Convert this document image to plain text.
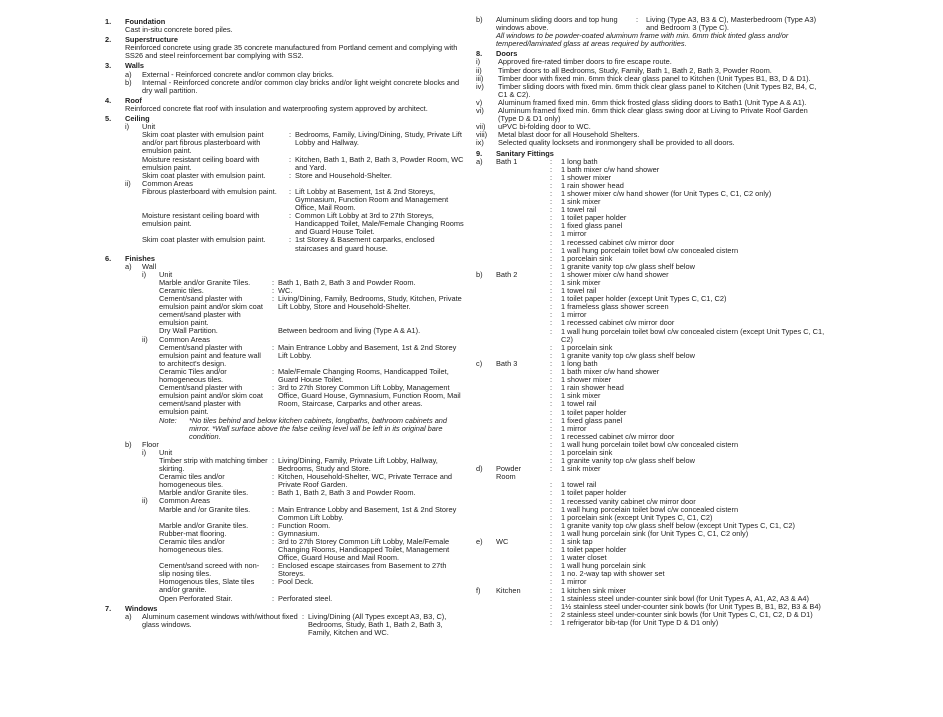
1. Foundation
Cast in-situ concrete bored piles.
2. Superstructure
Reinforced concrete using grade 35 concrete manufactured from Portland cement and complying with SS26 and steel reinforcement bar complying with SS2.
3. Walls
a) External - Reinforced concrete and/or common clay bricks.
b) Internal - Reinforced concrete and/or common clay bricks and/or light weight concrete blocks and dry wall partition.
4. Roof
Reinforced concrete flat roof with insulation and waterproofing system approved by architect.
5. Ceiling
i) Unit
Skim coat plaster with emulsion paint and/or part fibrous plasterboard with emulsion paint.
: Bedrooms, Family, Living/Dining, Study, Private Lift Lobby and Hallway.
Moisture resistant ceiling board with emulsion paint.
: Kitchen, Bath 1, Bath 2, Bath 3, Powder Room, WC and Yard.
Skim coat plaster with emulsion paint.	: Store and Household-Shelter.
ii) Common Areas
Fibrous plasterboard with emulsion paint.	: Lift Lobby at Basement, 1st & 2nd Storeys, Gymnasium, Function Room and Management Office, Mail Room.
Moisture resistant ceiling board with emulsion paint.
: Common Lift Lobby at 3rd to 27th Storeys, Handicapped Toilet, Male/Female Changing Rooms and Guard House Toilet.
Skim coat plaster with emulsion paint.	: 1st Storey & Basement carparks, enclosed staircases and guard house.
6. Finishes
a) Wall
i) Unit
Marble and/or Granite Tiles.	: Bath 1, Bath 2, Bath 3 and Powder Room.
Ceramic tiles.	: WC.
Cement/sand plaster with emulsion paint and/or skim coat cement/sand plaster with emulsion paint.
: Living/Dining, Family, Bedrooms, Study, Kitchen, Private Lift Lobby, Store and Household-Shelter.
Dry Wall Partition.	Between bedroom and living (Type A & A1).
ii) Common Areas
Cement/sand plaster with emulsion paint and feature wall to architect's design.
: Main Entrance Lobby and Basement, 1st & 2nd Storey Lift Lobby.
Ceramic Tiles and/or homogeneous tiles.
: Male/Female Changing Rooms, Handicapped Toilet, Guard House Toilet.
Cement/sand plaster with emulsion paint and/or skim coat cement/sand plaster with emulsion paint.
: 3rd to 27th Storey Common Lift Lobby, Management Office, Guard House, Gymnasium, Function Room, Mail Room, Staircase, Carparks and other areas.
Note:	*No tiles behind and below kitchen cabinets, longbaths, bathroom cabinets and mirror. *Wall surface above the false ceiling level will be left in its original bare condition.
b) Floor
i) Unit
Timber strip with matching timber skirting.
: Living/Dining, Family, Private Lift Lobby, Hallway, Bedrooms, Study and Store.
Ceramic tiles and/or homogeneous tiles.
: Kitchen, Household-Shelter, WC, Private Terrace and Private Roof Garden.
Marble and/or Granite tiles.	: Bath 1, Bath 2, Bath 3 and Powder Room.
ii) Common Areas
Marble and /or Granite tiles.	: Main Entrance Lobby and Basement, 1st & 2nd Storey Common Lift Lobby.
Marble and/or Granite tiles.	: Function Room.
Rubber-mat flooring.	: Gymnasium.
Ceramic tiles and/or homogeneous tiles.
: 3rd to 27th Storey Common Lift Lobby, Male/Female Changing Rooms, Handicapped Toilet, Management Office, Guard House and Mail Room.
Cement/sand screed with non-slip nosing tiles.
: Enclosed escape staircases from Basement to 27th Storeys.
Homogenous tiles, Slate tiles and/or granite.
: Pool Deck.
Open Perforated Stair.	: Perforated steel.
7. Windows
a)	Aluminum casement windows with/without fixed glass windows.
: Living/Dining (All Types except A3, B3, C), Bedrooms, Study, Bath 1, Bath 2, Bath 3, Family, Kitchen and WC.
b)	Aluminum sliding doors and top hung windows above.
:	Living (Type A3, B3 & C), Masterbedroom (Type A3) and Bedroom 3 (Type C).
All windows to be powder-coated aluminum frame with min. 6mm thick tinted glass and/or tempered/laminated glass at areas required by authorities.
8. Doors
i) Approved fire-rated timber doors to fire escape route.
ii) Timber doors to all Bedrooms, Study, Family, Bath 1, Bath 2, Bath 3, Powder Room.
iii) Timber door with fixed min. 6mm thick clear glass panel to Kitchen (Unit Types B1, B3, D & D1).
iv) Timber sliding doors with fixed min. 6mm thick clear glass panel to Kitchen (Unit Types B2, B4, C, C1 & C2).
v) Aluminum framed fixed min. 6mm thick frosted glass sliding doors to Bath1 (Unit Type A & A1).
vi) Aluminum framed fixed min. 6mm thick clear glass swing door at Living to Private Roof Garden (Type D & D1 only)
vii) uPVC bi-folding door to WC.
viii) Metal blast door for all Household Shelters.
ix) Selected quality locksets and ironmongery shall be provided to all doors.
9. Sanitary Fittings
a)	Bath 1	:	1 long bath
:	1 bath mixer c/w hand shower
:	1 shower mixer
:	1 rain shower head
:	1 shower mixer c/w hand shower (for Unit Types C, C1, C2 only)
:	1 sink mixer
:	1 towel rail
:	1 toilet paper holder
:	1 fixed glass panel
:	1 mirror
:	1 recessed cabinet c/w mirror door
:	1 wall hung porcelain toilet bowl c/w concealed cistern
:	1 porcelain sink
:	1 granite vanity top c/w glass shelf below
b)	Bath 2	:	1 shower mixer c/w hand shower
:	1 sink mixer
:	1 towel rail
:	1 toilet paper holder (except Unit Types C, C1, C2)
:	1 frameless glass shower screen
:	1 mirror
:	1 recessed cabinet c/w mirror door
:	1 wall hung porcelain toilet bowl c/w concealed cistern (except Unit Types C, C1, C2)
:	1 porcelain sink
:	1 granite vanity top c/w glass shelf below
c)	Bath 3	:	1 long bath
:	1 bath mixer c/w hand shower
:	1 shower mixer
:	1 rain shower head
:	1 sink mixer
:	1 towel rail
:	1 toilet paper holder
:	1 fixed glass panel
:	1 mirror
:	1 recessed cabinet c/w mirror door
:	1 wall hung porcelain toilet bowl c/w concealed cistern
:	1 porcelain sink
:	1 granite vanity top c/w glass shelf below
d)	Powder Room
:	1 sink mixer
:	1 towel rail
:	1 toilet paper holder
:	1 recessed vanity cabinet c/w mirror door
:	1 wall hung porcelain toilet bowl c/w concealed cistern
:	1 porcelain sink (except Unit Types C, C1, C2)
:	1 granite vanity top c/w glass shelf below (except Unit Types C, C1, C2)
:	1 wall hung porcelain sink (for Unit Types C, C1, C2 only)
e)	WC	:	1 sink tap
:	1 toilet paper holder
:	1 water closet
:	1 wall hung porcelain sink
:	1 no. 2-way tap with shower set
:	1 mirror
f)	Kitchen	:	1 kitchen sink mixer
:	1 stainless steel under-counter sink bowl (for Unit Types A, A1, A2, A3 & A4)
:	1½ stainless steel under-counter sink bowls (for Unit Types B, B1, B2, B3 & B4)
:	2 stainless steel under-counter sink bowls (for Unit Types C, C1, C2, D & D1)
:	1 refrigerator bib-tap (for Unit Type D & D1 only)
